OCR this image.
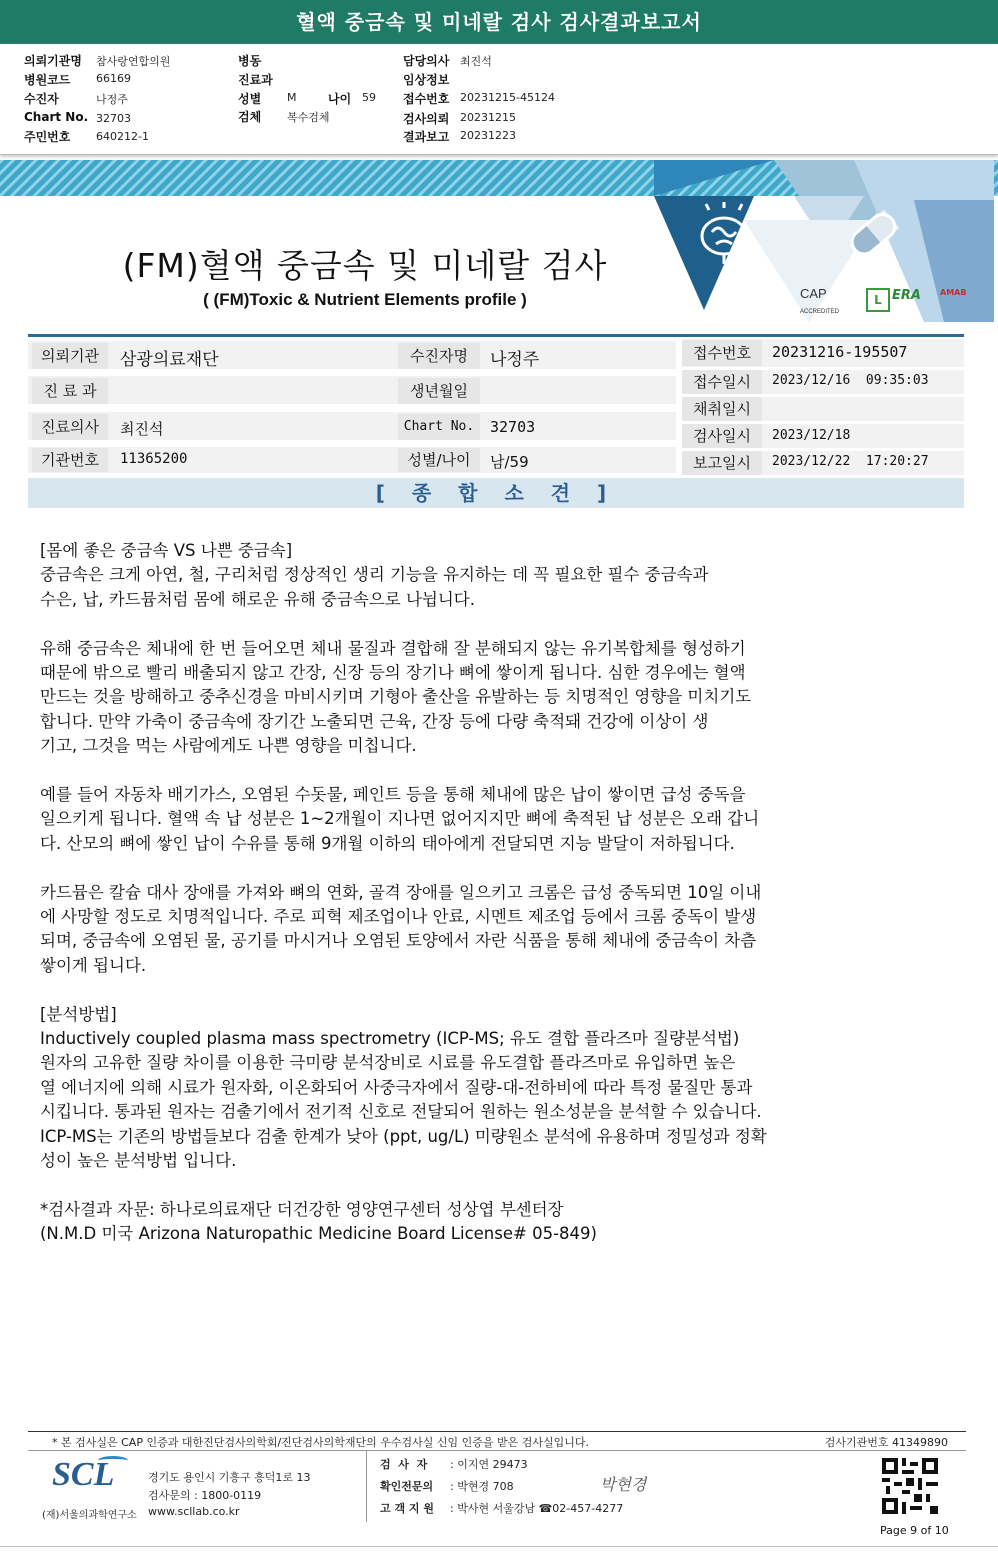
혈액 중금속 및 미네랄 검사 검사결과보고서
의뢰기관명 참사랑연합의원
병원코드 66169
수진자	나정주
Chart No. 32703
주민번호 640212-1
병동
진료과
성별 M	나이 59
검체 복수검체
담당의사 최진석
임상정보
접수번호 20231215-45124
검사의뢰 20231215
결과보고 20231223
CAP
ACCREDITED
L ERA AMAB
(FM)혈액 중금속 및 미네랄 검사
( (FM)Toxic & Nutrient Elements profile )
의뢰기관	삼광의료재단
진 료 과
진료의사	최진석
기관번호	11365200
수진자명	나정주
생년월일
Chart No.	32703
성별/나이	남/59
접수번호	20231216-195507
접수일시	2023/12/16  09:35:03
채취일시
검사일시	2023/12/18
보고일시	2023/12/22  17:20:27
[ 종 합 소 견 ]

[몸에 좋은 중금속 VS 나쁜 중금속]
중금속은 크게 아연, 철, 구리처럼 정상적인 생리 기능을 유지하는 데 꼭 필요한 필수 중금속과
수은, 납, 카드뮴처럼 몸에 해로운 유해 중금속으로 나뉩니다.

유해 중금속은 체내에 한 번 들어오면 체내 물질과 결합해 잘 분해되지 않는 유기복합체를 형성하기
때문에 밖으로 빨리 배출되지 않고 간장, 신장 등의 장기나 뼈에 쌓이게 됩니다. 심한 경우에는 혈액
만드는 것을 방해하고 중추신경을 마비시키며 기형아 출산을 유발하는 등 치명적인 영향을 미치기도
합니다. 만약 가축이 중금속에 장기간 노출되면 근육, 간장 등에 다량 축적돼 건강에 이상이 생
기고, 그것을 먹는 사람에게도 나쁜 영향을 미칩니다.

예를 들어 자동차 배기가스, 오염된 수돗물, 페인트 등을 통해 체내에 많은 납이 쌓이면 급성 중독을
일으키게 됩니다. 혈액 속 납 성분은 1~2개월이 지나면 없어지지만 뼈에 축적된 납 성분은 오래 갑니
다. 산모의 뼈에 쌓인 납이 수유를 통해 9개월 이하의 태아에게 전달되면 지능 발달이 저하됩니다.

카드뮴은 칼슘 대사 장애를 가져와 뼈의 연화, 골격 장애를 일으키고 크롬은 급성 중독되면 10일 이내
에 사망할 정도로 치명적입니다. 주로 피혁 제조업이나 안료, 시멘트 제조업 등에서 크롬 중독이 발생
되며, 중금속에 오염된 물, 공기를 마시거나 오염된 토양에서 자란 식품을 통해 체내에 중금속이 차츰
쌓이게 됩니다.

[분석방법]
Inductively coupled plasma mass spectrometry (ICP-MS; 유도 결합 플라즈마 질량분석법)
원자의 고유한 질량 차이를 이용한 극미량 분석장비로 시료를 유도결합 플라즈마로 유입하면 높은
열 에너지에 의해 시료가 원자화, 이온화되어 사중극자에서 질량-대-전하비에 따라 특정 물질만 통과
시킵니다. 통과된 원자는 검출기에서 전기적 신호로 전달되어 원하는 원소성분을 분석할 수 있습니다.
ICP-MS는 기존의 방법들보다 검출 한계가 낮아 (ppt, ug/L) 미량원소 분석에 유용하며 정밀성과 정확
성이 높은 분석방법 입니다.

*검사결과 자문: 하나로의료재단 더건강한 영양연구센터 성상엽 부센터장
(N.M.D 미국 Arizona Naturopathic Medicine Board License# 05-849)

* 본 검사실은 CAP 인증과 대한진단검사의학회/진단검사의학재단의 우수검사실 신임 인증을 받은 검사실입니다.	검사기관번호 41349890
SCL
(재)서울의과학연구소
경기도 용인시 기흥구 흥덕1로 13
검사문의 : 1800-0119
www.scllab.co.kr
검  사  자 : 이지연 29473
확인전문의 : 박현경 708
고 객 지 원 : 박사현 서울강남 ☎02-457-4277
박현경
Page 9 of 10
